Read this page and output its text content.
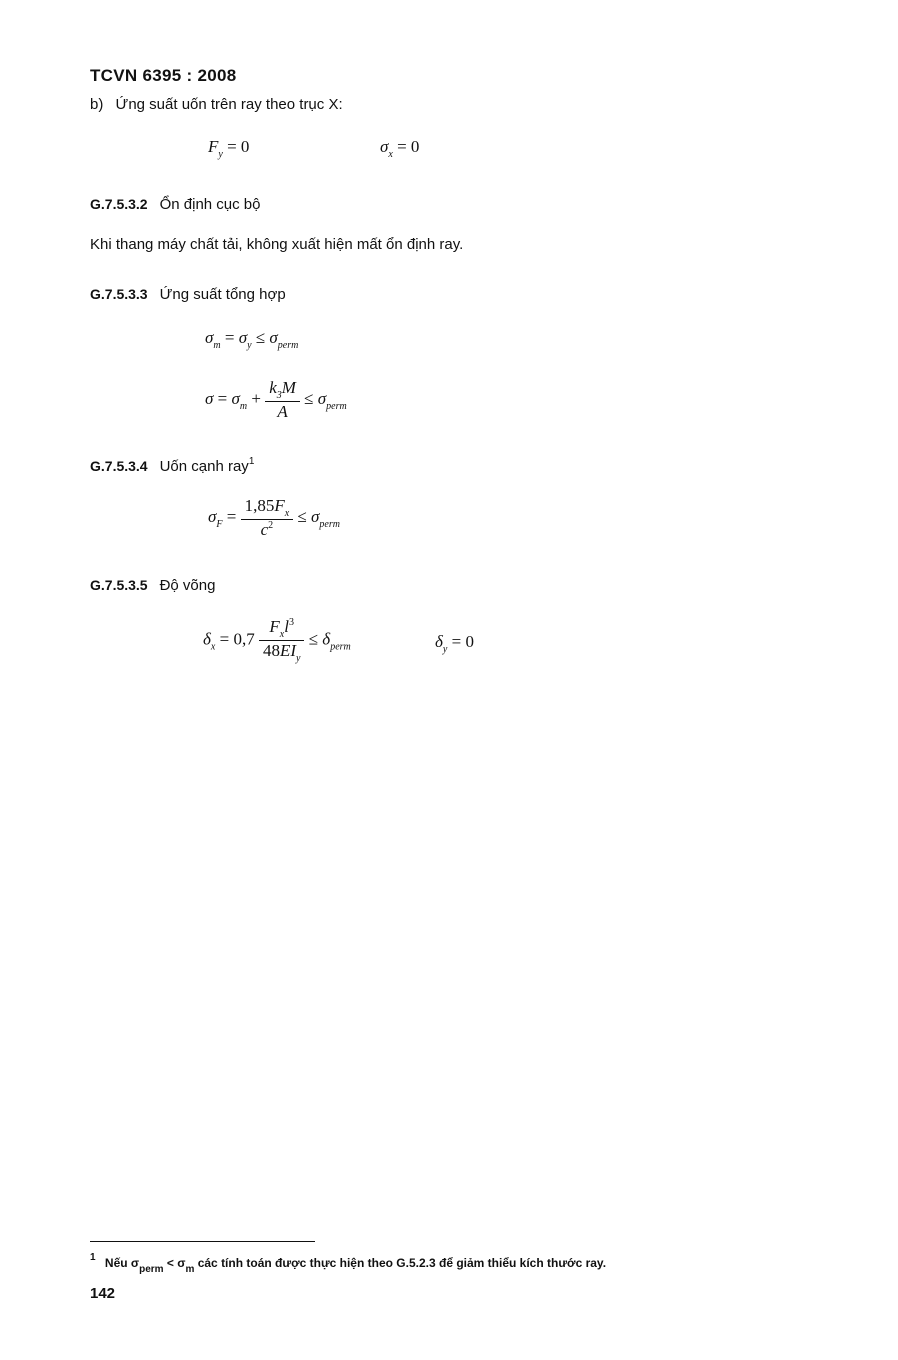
TCVN 6395 : 2008
b) Ứng suất uốn trên ray theo trục X:
$F_y = 0$	$\sigma_x = 0$
G.7.5.3.2 Ổn định cục bộ
Khi thang máy chất tải, không xuất hiện mất ổn định ray.
G.7.5.3.3 Ứng suất tổng hợp
$\sigma_m = \sigma_y \le \sigma_{perm}$
$\sigma = \sigma_m + \frac{k_3M}{A} \le \sigma_{perm}$
G.7.5.3.4 Uốn cạnh ray$^1$
$\sigma_F = \frac{1,85F_x}{c^2} \le \sigma_{perm}$
G.7.5.3.5 Độ võng
$\delta_x = 0,7 \frac{F_xl^3}{48EI_y} \le \delta_{perm}$	$\delta_y = 0$
$^1$ Nếu $\sigma_{perm} < \sigma_m$ các tính toán được thực hiện theo G.5.2.3 để giảm thiểu kích thước ray.
142
